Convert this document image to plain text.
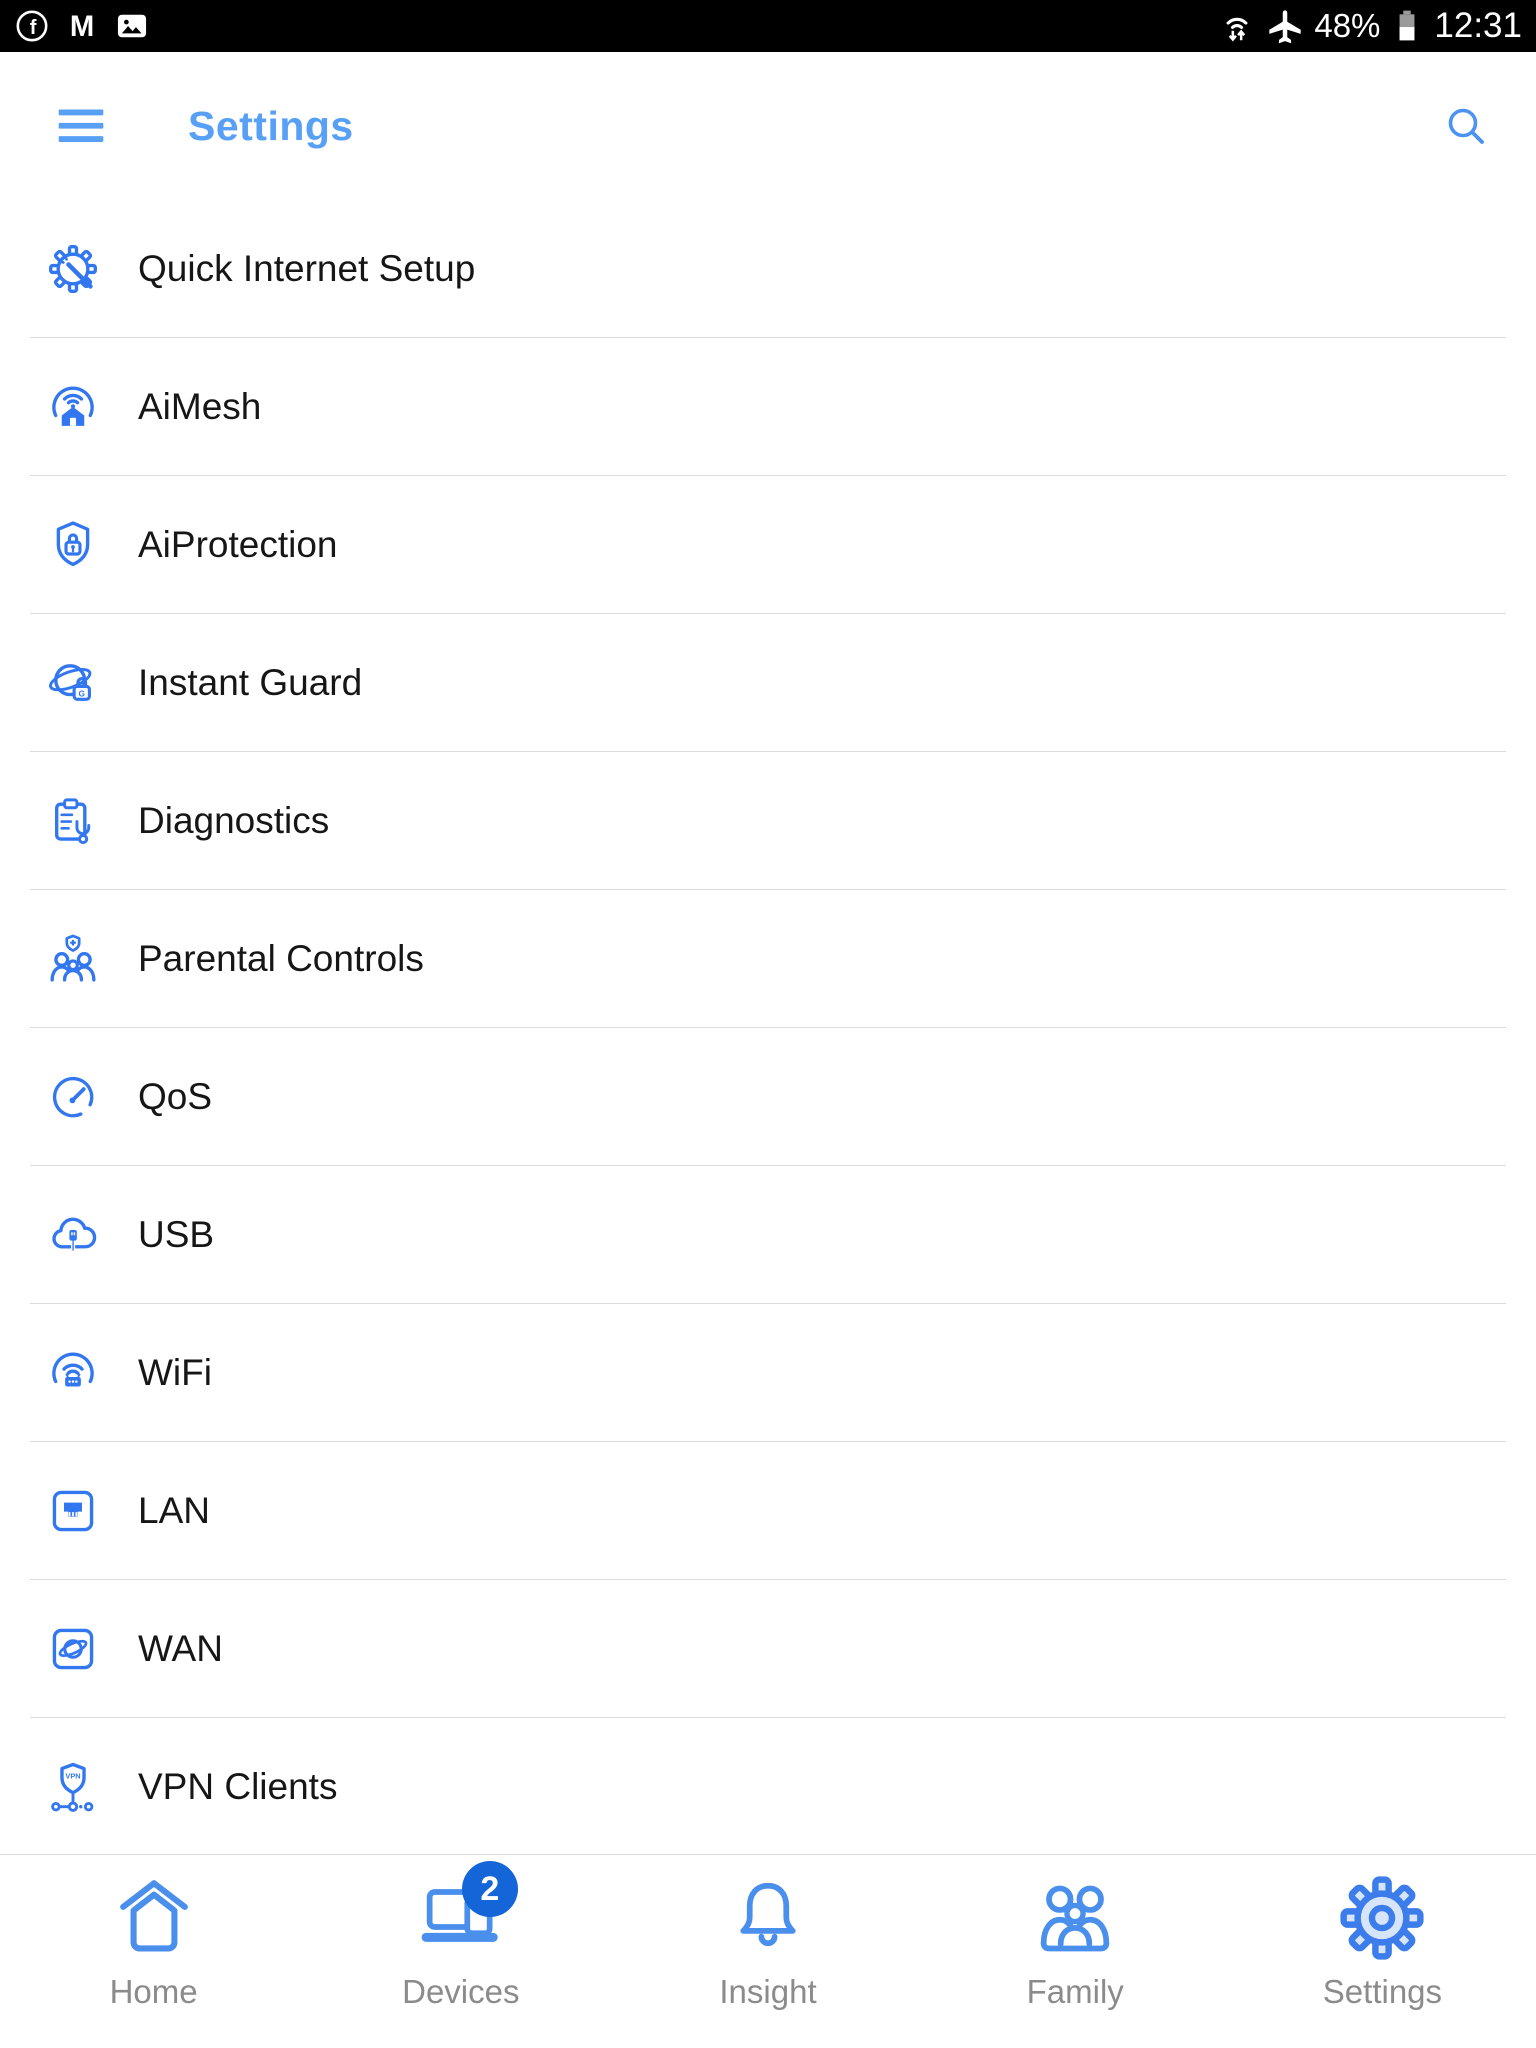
f M	48% 12:31
Settings
Quick Internet Setup
AiMesh
AiProtection
G Instant Guard
Diagnostics
Parental Controls
QoS
USB
WiFi
LAN
WAN
VPN VPN Clients
Home
2
Devices	Insight	Family	Settings
